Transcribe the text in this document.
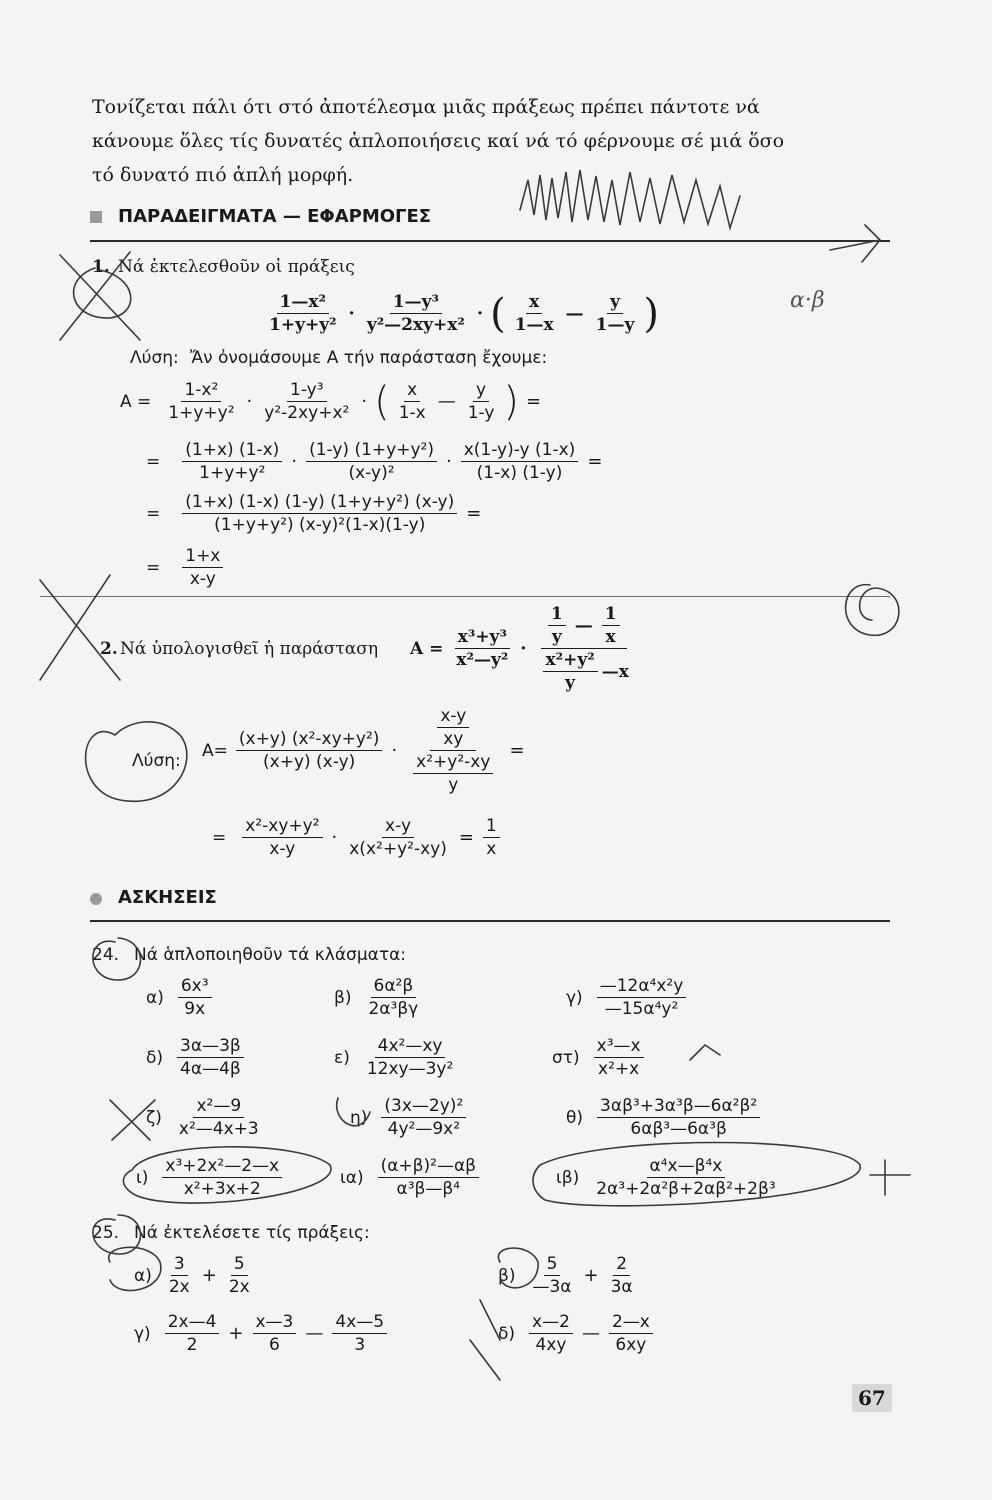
Τονίζεται πάλι ότι στό ἀποτέλεσμα μιᾶς πράξεως πρέπει πάντοτε νά

κάνουμε ὅλες τίς δυνατές ἁπλοποιήσεις καί νά τό φέρνουμε σέ μιά ὅσο

τό δυνατό πιό ἁπλή μορφή.

ΠΑΡΑΔΕΙΓΜΑΤΑ — ΕΦΑΡΜΟΓΕΣ
1. Νά ἐκτελεσθοῦν οἱ πράξεις
$\frac{\text{1—x²}}{\text{1+y+y²}} \cdot \frac{\text{1—y³}}{\text{y²—2xy+x²}}$ · ( $\frac{x}{1—x}$ — $\frac{y}{1—y}$ )
Λύση: Ἄν ὀνομάσουμε Α τήν παράσταση ἔχουμε:
$A = \frac{\text{1-x²}}{\text{1+y+y²}} \cdot \frac{\text{1-y³}}{\text{y²-2xy+x²}}$ · ( $\frac{x}{1-x}$ — $\frac{y}{1-y}$ ) =
= $\frac{(1+x) (1-x)}{\text{1+y+y²}} \cdot \frac{\text{(1-y) (1+y+y²)}}{\text{(x-y)²}} \cdot \frac{x(1-y)-y (1-x)}{(1-x) (1-y)}$ =
= $\frac{\text{(1+x) (1-x) (1-y) (1+y+y²) (x-y)}}{\text{(1+y+y²) (x-y)²(1-x)(1-y)}}$ =
= $\frac{1+x}{x-y}$
2. Νά ὑπολογισθεῖ ἡ παράσταση $A = \frac{\text{x³+y³}}{\text{x²—y²}} \cdot \frac{\frac{1}{y} — \frac{1}{x}}{\frac{\text{x²+y²}}{y} —x}$
Λύση:
$A= \frac{\text{(x+y) (x²-xy+y²)}}{(x+y) (x-y)} \cdot \frac{\frac{x-y}{xy}}{\frac{\text{x²+y²-xy}}{y}}$ =
= $\frac{\text{x²-xy+y²}}{x-y} \cdot \frac{x-y}{\text{x(x²+y²-xy)}} = \frac{1}{x}$
ΑΣΚΗΣΕΙΣ
24. Νά ἁπλοποιηθοῦν τά κλάσματα:
$\alpha) \frac{\text{6x³}}{9x}$	$\beta) \frac{\text{6α²β}}{\text{2α³βγ}}$	$\gamma) \frac{\text{—12α⁴x²y}}{\text{—15α⁴y²}}$
$\delta) \frac{3\alpha—3\beta}{4\alpha—4\beta}$	$\varepsilon) \frac{\text{4x²—xy}}{\text{12xy—3y²}}$	$\sigma\tau) \frac{\text{x³—x}}{\text{x²+x}}$
$\zeta) \frac{\text{x²—9}}{\text{x²—4x+3}}$	$\eta) \frac{\text{(3x—2y)²}}{\text{4y²—9x²}}$	$\theta) \frac{\text{3αβ³+3α³β—6α²β²}}{\text{6αβ³—6α³β}}$
$\iota) \frac{\text{x³+2x²—2—x}}{\text{x²+3x+2}}$	$\iota\alpha) \frac{\text{(α+β)²—αβ}}{\text{α³β—β⁴}}$	$\iota\beta) \frac{\text{α⁴x—β⁴x}}{\text{2α³+2α²β+2αβ²+2β³}}$
25. Νά ἐκτελέσετε τίς πράξεις:
$\alpha) \frac{3}{2x} + \frac{5}{2x}$	$\beta) \frac{5}{—3\alpha} + \frac{2}{3\alpha}$
$\gamma) \frac{2x—4}{2} + \frac{x—3}{6}$ — $\frac{4x—5}{3}$	$\delta) \frac{x—2}{4xy}$ — $\frac{2—x}{6xy}$
67
α·β
